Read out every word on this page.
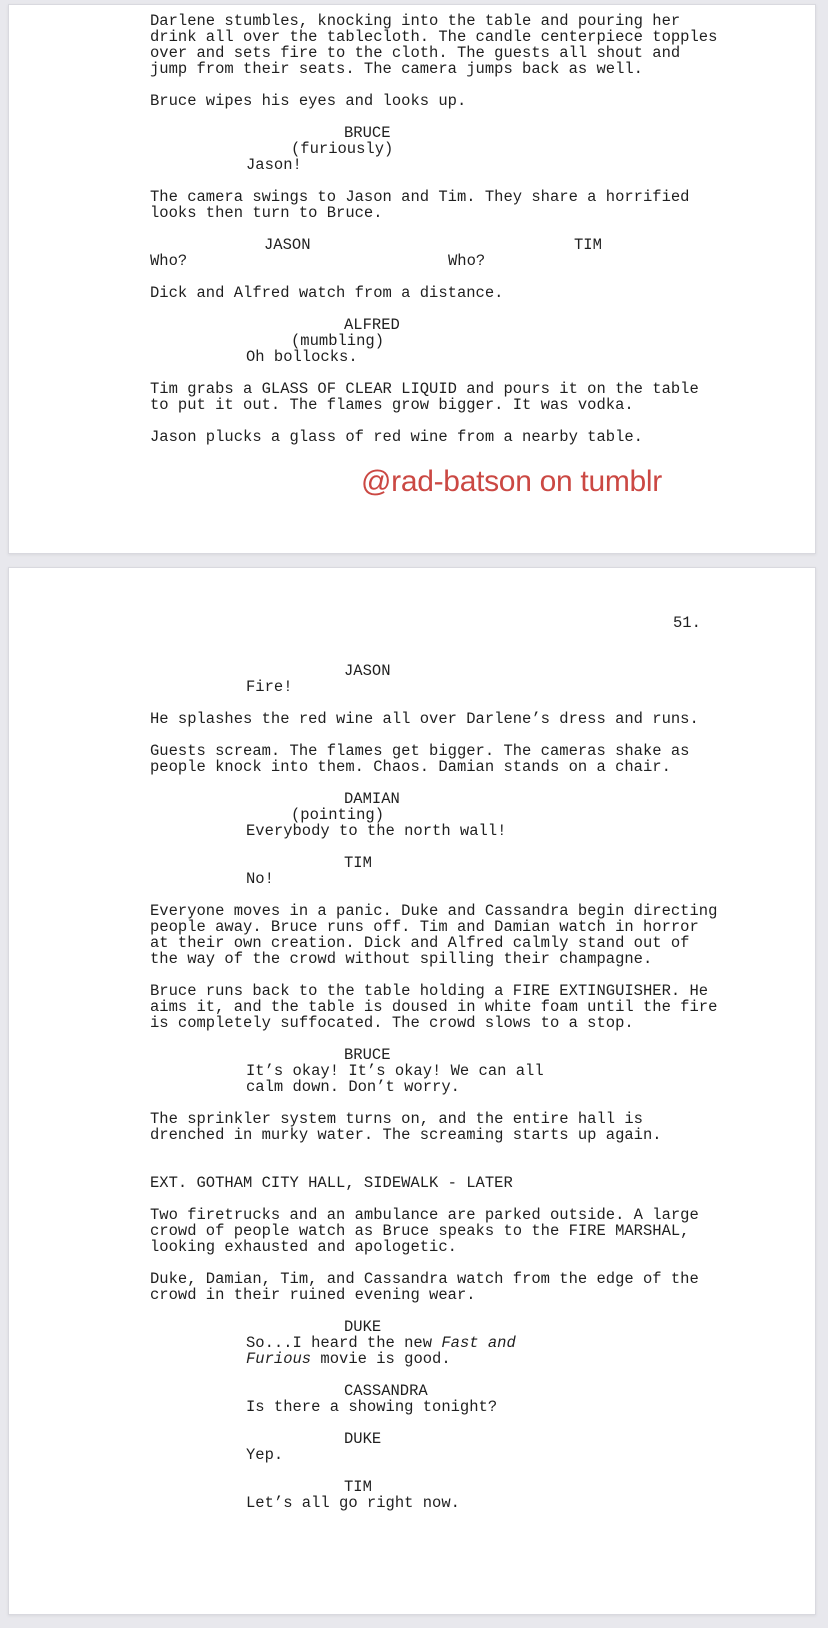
@rad-batson on tumblr
Darlene stumbles, knocking into the table and pouring her
drink all over the tablecloth. The candle centerpiece topples
over and sets fire to the cloth. The guests all shout and
jump from their seats. The camera jumps back as well.
Bruce wipes his eyes and looks up.
BRUCE
(furiously)
Jason!
The camera swings to Jason and Tim. They share a horrified
looks then turn to Bruce.
JASON	TIM
Who?	Who?
Dick and Alfred watch from a distance.
ALFRED
(mumbling)
Oh bollocks.
Tim grabs a GLASS OF CLEAR LIQUID and pours it on the table
to put it out. The flames grow bigger. It was vodka.
Jason plucks a glass of red wine from a nearby table.
51.
JASON
Fire!
He splashes the red wine all over Darlene’s dress and runs.
Guests scream. The flames get bigger. The cameras shake as
people knock into them. Chaos. Damian stands on a chair.
DAMIAN
(pointing)
Everybody to the north wall!
TIM
No!
Everyone moves in a panic. Duke and Cassandra begin directing
people away. Bruce runs off. Tim and Damian watch in horror
at their own creation. Dick and Alfred calmly stand out of
the way of the crowd without spilling their champagne.
Bruce runs back to the table holding a FIRE EXTINGUISHER. He
aims it, and the table is doused in white foam until the fire
is completely suffocated. The crowd slows to a stop.
BRUCE
It’s okay! It’s okay! We can all
calm down. Don’t worry.
The sprinkler system turns on, and the entire hall is
drenched in murky water. The screaming starts up again.
EXT. GOTHAM CITY HALL, SIDEWALK - LATER
Two firetrucks and an ambulance are parked outside. A large
crowd of people watch as Bruce speaks to the FIRE MARSHAL,
looking exhausted and apologetic.
Duke, Damian, Tim, and Cassandra watch from the edge of the
crowd in their ruined evening wear.
DUKE
So...I heard the new Fast and
Furious movie is good.
CASSANDRA
Is there a showing tonight?
DUKE
Yep.
TIM
Let’s all go right now.
